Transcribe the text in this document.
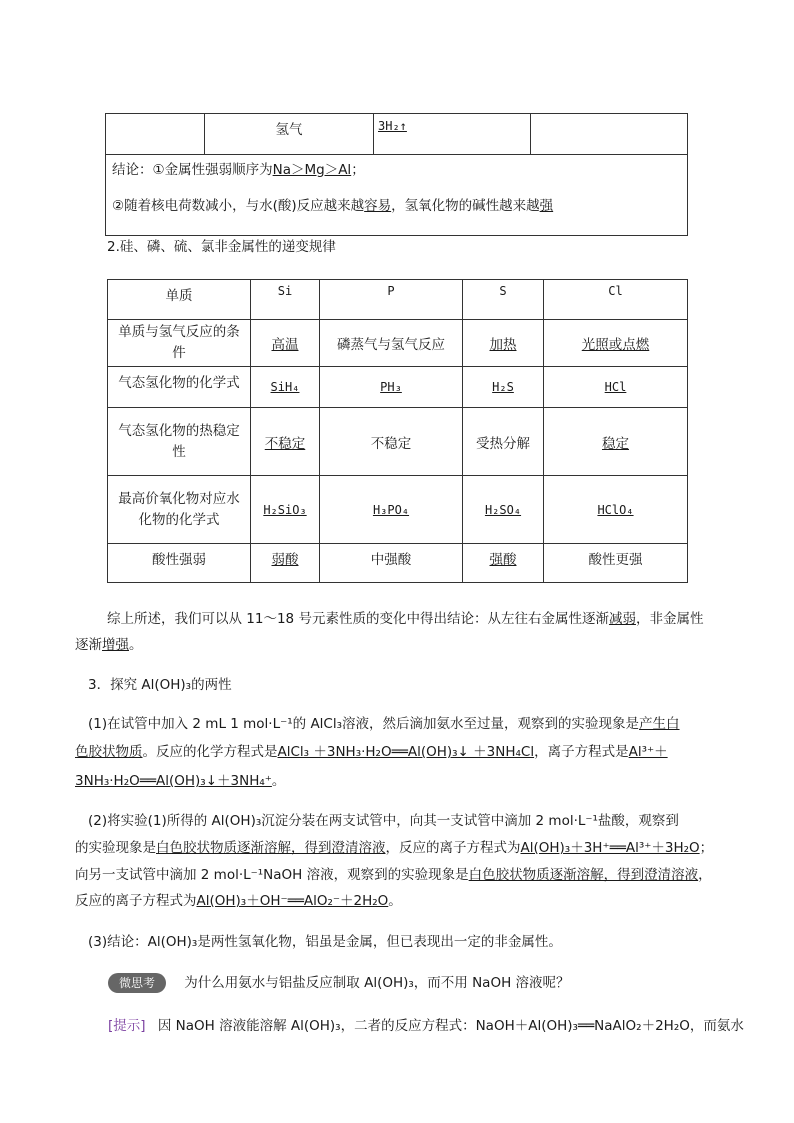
	氢气	3H₂↑	

结论：①金属性强弱顺序为Na＞Mg＞Al；
②随着核电荷数减小，与水(酸)反应越来越容易，氢氧化物的碱性越来越强
2.硅、磷、硫、氯非金属性的递变规律
单质	Si	P	S	Cl
单质与氢气反应的条件	高温	磷蒸气与氢气反应	加热	光照或点燃
气态氢化物的化学式	SiH₄	PH₃	H₂S	HCl
气态氢化物的热稳定性	不稳定	不稳定	受热分解	稳定
最高价氧化物对应水化物的化学式	H₂SiO₃	H₃PO₄	H₂SO₄	HClO₄
酸性强弱	弱酸	中强酸	强酸	酸性更强
综上所述，我们可以从 11～18 号元素性质的变化中得出结论：从左往右金属性逐渐减弱，非金属性
逐渐增强。
3．探究 Al(OH)₃的两性
(1)在试管中加入 2 mL 1 mol·L⁻¹的 AlCl₃溶液，然后滴加氨水至过量，观察到的实验现象是产生白
色胶状物质。反应的化学方程式是AlCl₃ ＋3NH₃·H₂O══Al(OH)₃↓ ＋3NH₄Cl，离子方程式是Al³⁺＋
3NH₃·H₂O══Al(OH)₃↓＋3NH₄⁺。
(2)将实验(1)所得的 Al(OH)₃沉淀分装在两支试管中，向其一支试管中滴加 2 mol·L⁻¹盐酸，观察到
的实验现象是白色胶状物质逐渐溶解，得到澄清溶液，反应的离子方程式为Al(OH)₃＋3H⁺══Al³⁺＋3H₂O；
向另一支试管中滴加 2 mol·L⁻¹NaOH 溶液，观察到的实验现象是白色胶状物质逐渐溶解，得到澄清溶液，
反应的离子方程式为Al(OH)₃＋OH⁻══AlO₂⁻＋2H₂O。
(3)结论：Al(OH)₃是两性氢氧化物，铝虽是金属，但已表现出一定的非金属性。
微思考 为什么用氨水与铝盐反应制取 Al(OH)₃，而不用 NaOH 溶液呢？
[提示] 因 NaOH 溶液能溶解 Al(OH)₃，二者的反应方程式：NaOH＋Al(OH)₃══NaAlO₂＋2H₂O，而氨水
